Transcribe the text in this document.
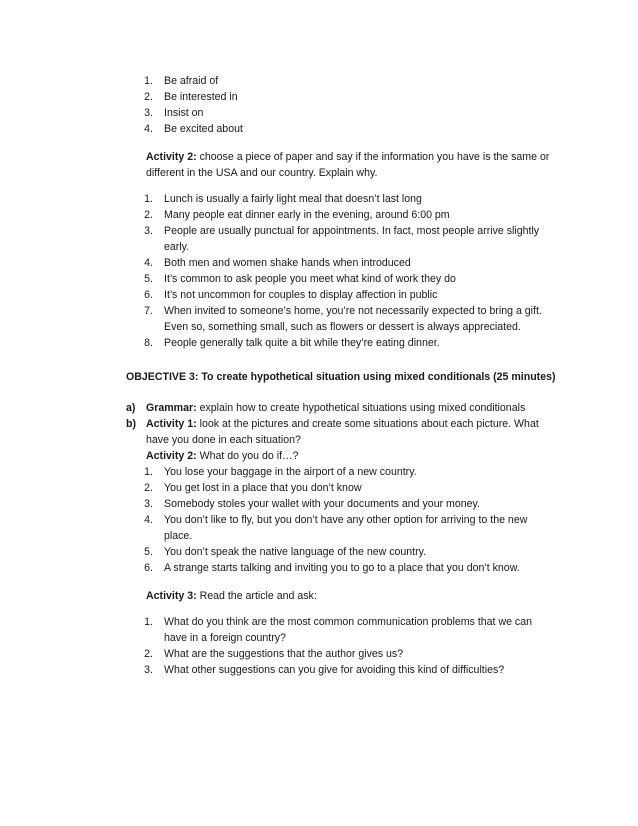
1. Be afraid of
2. Be interested in
3. Insist on
4. Be excited about
Activity 2: choose a piece of paper and say if the information you have is the same or
different in the USA and our country. Explain why.
1. Lunch is usually a fairly light meal that doesn’t last long
2. Many people eat dinner early in the evening, around 6:00 pm
3. People are usually punctual for appointments. In fact, most people arrive slightly
early.
4. Both men and women shake hands when introduced
5. It’s common to ask people you meet what kind of work they do
6. It’s not uncommon for couples to display affection in public
7. When invited to someone’s home, you’re not necessarily expected to bring a gift.
Even so, something small, such as flowers or dessert is always appreciated.
8. People generally talk quite a bit while they’re eating dinner.
OBJECTIVE 3: To create hypothetical situation using mixed conditionals (25 minutes)
a) Grammar: explain how to create hypothetical situations using mixed conditionals
b) Activity 1: look at the pictures and create some situations about each picture. What
have you done in each situation?
Activity 2: What do you do if…?
1. You lose your baggage in the airport of a new country.
2. You get lost in a place that you don’t know
3. Somebody stoles your wallet with your documents and your money.
4. You don’t like to fly, but you don’t have any other option for arriving to the new
place.
5. You don’t speak the native language of the new country.
6. A strange starts talking and inviting you to go to a place that you don’t know.
Activity 3: Read the article and ask:
1. What do you think are the most common communication problems that we can
have in a foreign country?
2. What are the suggestions that the author gives us?
3. What other suggestions can you give for avoiding this kind of difficulties?
